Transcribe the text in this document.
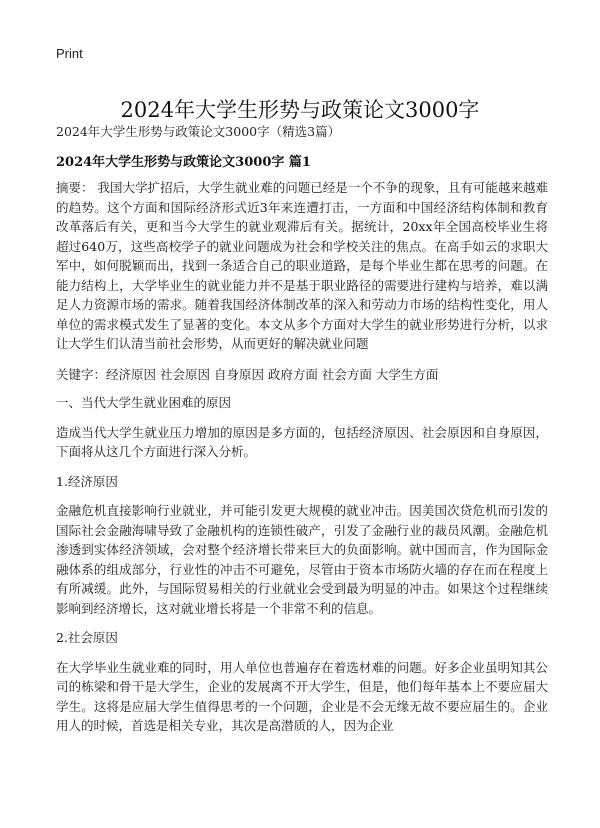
Print
2024年大学生形势与政策论文3000字
2024年大学生形势与政策论文3000字（精选3篇）
2024年大学生形势与政策论文3000字 篇1

摘要： 我国大学扩招后，大学生就业难的问题已经是一个不争的现象，且有可能越来越难的趋势。这个方面和国际经济形式近3年来连遭打击，一方面和中国经济结构体制和教育改革落后有关，更和当今大学生的就业观滞后有关。据统计，20xx年全国高校毕业生将超过640万，这些高校学子的就业问题成为社会和学校关注的焦点。在高手如云的求职大军中，如何脱颖而出，找到一条适合自己的职业道路，是每个毕业生都在思考的问题。在能力结构上，大学毕业生的就业能力并不是基于职业路径的需要进行建构与培养，难以满足人力资源市场的需求。随着我国经济体制改革的深入和劳动力市场的结构性变化，用人单位的需求模式发生了显著的变化。本文从多个方面对大学生的就业形势进行分析，以求让大学生们认清当前社会形势，从而更好的解决就业问题

关键字：经济原因 社会原因 自身原因 政府方面 社会方面 大学生方面

一、当代大学生就业困难的原因

造成当代大学生就业压力增加的原因是多方面的，包括经济原因、社会原因和自身原因，下面将从这几个方面进行深入分析。

1.经济原因

金融危机直接影响行业就业，并可能引发更大规模的就业冲击。因美国次贷危机而引发的国际社会金融海啸导致了金融机构的连锁性破产，引发了金融行业的裁员风潮。金融危机渗透到实体经济领域，会对整个经济增长带来巨大的负面影响。就中国而言，作为国际金融体系的组成部分，行业性的冲击不可避免，尽管由于资本市场防火墙的存在而在程度上有所减缓。此外，与国际贸易相关的行业就业会受到最为明显的冲击。如果这个过程继续影响到经济增长，这对就业增长将是一个非常不利的信息。

2.社会原因

在大学毕业生就业难的同时，用人单位也普遍存在着选材难的问题。好多企业虽明知其公司的栋梁和骨干是大学生，企业的发展离不开大学生，但是，他们每年基本上不要应届大学生。这将是应届大学生值得思考的一个问题，企业是不会无缘无故不要应届生的。企业用人的时候，首选是相关专业，其次是高潜质的人，因为企业
